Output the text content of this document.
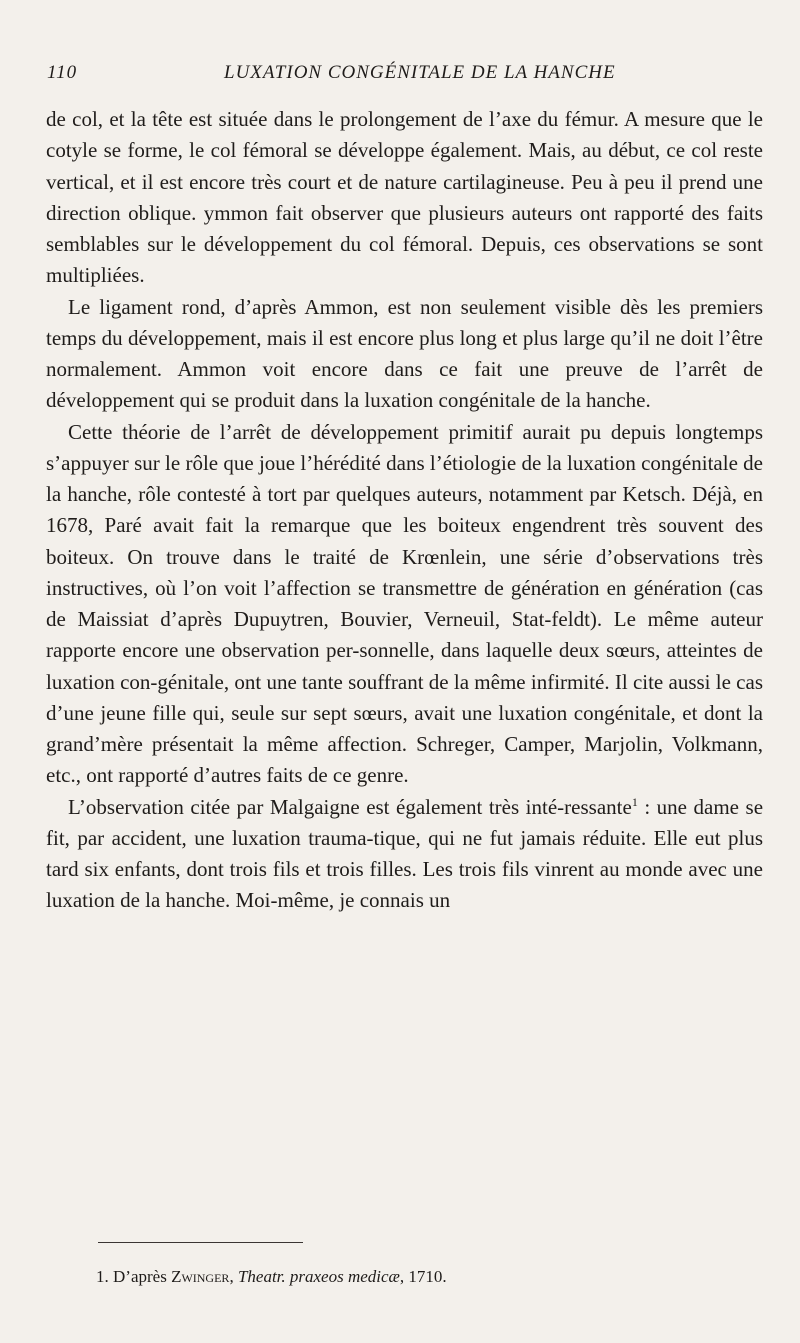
110	LUXATION CONGÉNITALE DE LA HANCHE

de col, et la tête est située dans le prolongement de l’axe du fémur. A mesure que le cotyle se forme, le col fémoral se développe également. Mais, au début, ce col reste vertical, et il est encore très court et de nature cartilagineuse. Peu à peu il prend une direction oblique. ymmon fait observer que plusieurs auteurs ont rapporté des faits semblables sur le développement du col fémoral. Depuis, ces observations se sont multipliées.

Le ligament rond, d’après Ammon, est non seulement visible dès les premiers temps du développement, mais il est encore plus long et plus large qu’il ne doit l’être normalement. Ammon voit encore dans ce fait une preuve de l’arrêt de développement qui se produit dans la luxation congénitale de la hanche.

Cette théorie de l’arrêt de développement primitif aurait pu depuis longtemps s’appuyer sur le rôle que joue l’hérédité dans l’étiologie de la luxation congénitale de la hanche, rôle contesté à tort par quelques auteurs, notamment par Ketsch. Déjà, en 1678, Paré avait fait la remarque que les boiteux engendrent très souvent des boiteux. On trouve dans le traité de Krœnlein, une série d’observations très instructives, où l’on voit l’affection se transmettre de génération en génération (cas de Maissiat d’après Dupuytren, Bouvier, Verneuil, Stat-feldt). Le même auteur rapporte encore une observation per-sonnelle, dans laquelle deux sœurs, atteintes de luxation con-génitale, ont une tante souffrant de la même infirmité. Il cite aussi le cas d’une jeune fille qui, seule sur sept sœurs, avait une luxation congénitale, et dont la grand’mère présentait la même affection. Schreger, Camper, Marjolin, Volkmann, etc., ont rapporté d’autres faits de ce genre.

L’observation citée par Malgaigne est également très inté-ressante$^1$ : une dame se fit, par accident, une luxation trauma-tique, qui ne fut jamais réduite. Elle eut plus tard six enfants, dont trois fils et trois filles. Les trois fils vinrent au monde avec une luxation de la hanche. Moi-même, je connais un

1. D’après Zwinger, Theatr. praxeos medicæ, 1710.
